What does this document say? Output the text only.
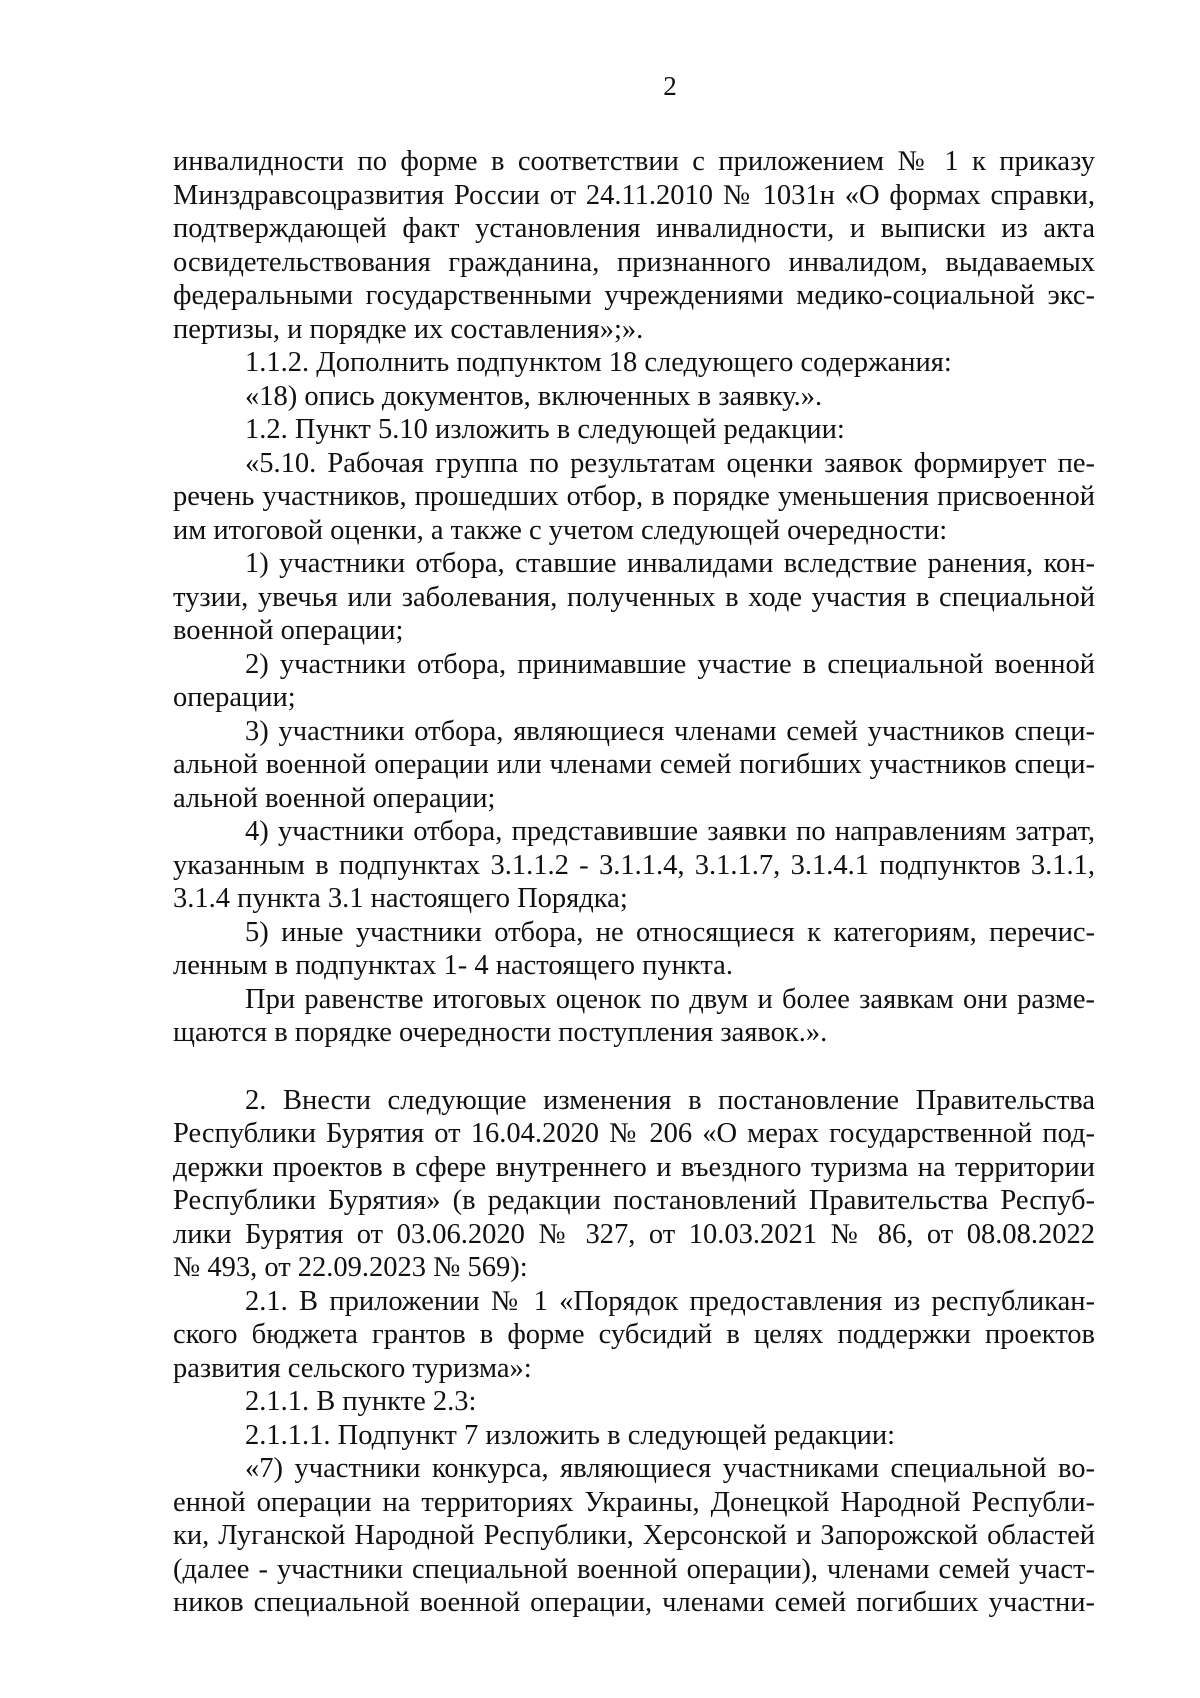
2
инвалидности по форме в соответствии с приложением № 1 к приказу
Минздравсоцразвития России от 24.11.2010 № 1031н «О формах справки,
подтверждающей факт установления инвалидности, и выписки из акта
освидетельствования гражданина, признанного инвалидом, выдаваемых
федеральными государственными учреждениями медико-социальной экс-
пертизы, и порядке их составления»;».
1.1.2. Дополнить подпунктом 18 следующего содержания:
«18) опись документов, включенных в заявку.».
1.2. Пункт 5.10 изложить в следующей редакции:
«5.10. Рабочая группа по результатам оценки заявок формирует пе-
речень участников, прошедших отбор, в порядке уменьшения присвоенной
им итоговой оценки, а также с учетом следующей очередности:
1) участники отбора, ставшие инвалидами вследствие ранения, кон-
тузии, увечья или заболевания, полученных в ходе участия в специальной
военной операции;
2) участники отбора, принимавшие участие в специальной военной
операции;
3) участники отбора, являющиеся членами семей участников специ-
альной военной операции или членами семей погибших участников специ-
альной военной операции;
4) участники отбора, представившие заявки по направлениям затрат,
указанным в подпунктах 3.1.1.2 - 3.1.1.4, 3.1.1.7, 3.1.4.1 подпунктов 3.1.1,
3.1.4 пункта 3.1 настоящего Порядка;
5) иные участники отбора, не относящиеся к категориям, перечис-
ленным в подпунктах 1- 4 настоящего пункта.
При равенстве итоговых оценок по двум и более заявкам они разме-
щаются в порядке очередности поступления заявок.».
2. Внести следующие изменения в постановление Правительства
Республики Бурятия от 16.04.2020 № 206 «О мерах государственной под-
держки проектов в сфере внутреннего и въездного туризма на территории
Республики Бурятия» (в редакции постановлений Правительства Респуб-
лики Бурятия от 03.06.2020 № 327, от 10.03.2021 № 86, от 08.08.2022
№ 493, от 22.09.2023 № 569):
2.1. В приложении № 1 «Порядок предоставления из республикан-
ского бюджета грантов в форме субсидий в целях поддержки проектов
развития сельского туризма»:
2.1.1. В пункте 2.3:
2.1.1.1. Подпункт 7 изложить в следующей редакции:
«7) участники конкурса, являющиеся участниками специальной во-
енной операции на территориях Украины, Донецкой Народной Республи-
ки, Луганской Народной Республики, Херсонской и Запорожской областей
(далее - участники специальной военной операции), членами семей участ-
ников специальной военной операции, членами семей погибших участни-
